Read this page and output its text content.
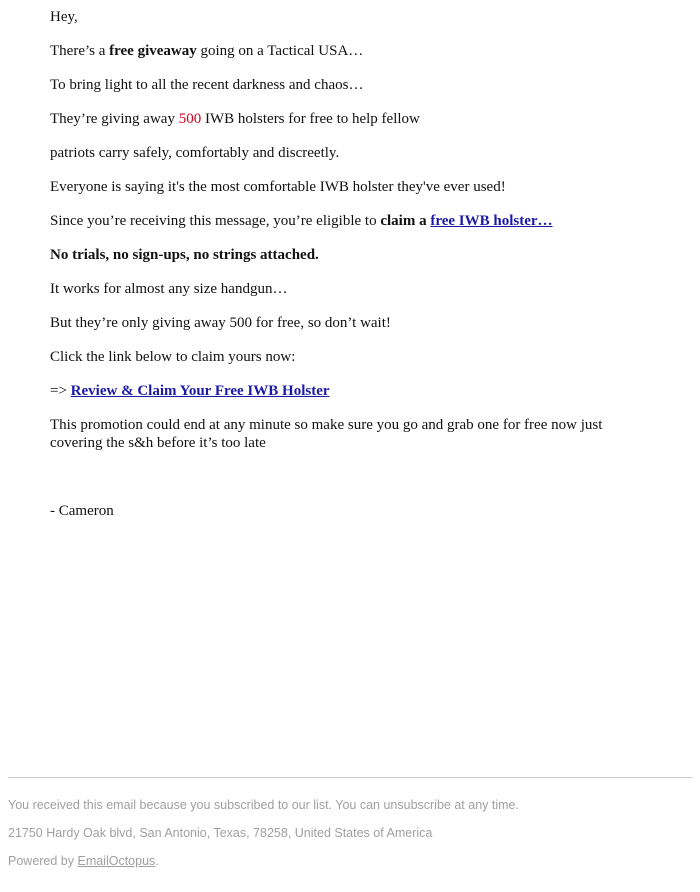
Hey,

There’s a free giveaway going on a Tactical USA…

To bring light to all the recent darkness and chaos…

They’re giving away 500 IWB holsters for free to help fellow

patriots carry safely, comfortably and discreetly.

Everyone is saying it's the most comfortable IWB holster they've ever used!

Since you’re receiving this message, you’re eligible to claim a free IWB holster…

No trials, no sign-ups, no strings attached.

It works for almost any size handgun…

But they’re only giving away 500 for free, so don’t wait!

Click the link below to claim yours now:

=> Review & Claim Your Free IWB Holster

This promotion could end at any minute so make sure you go and grab one for free now just covering the s&h before it’s too late

- Cameron

You received this email because you subscribed to our list. You can unsubscribe at any time.
21750 Hardy Oak blvd, San Antonio, Texas, 78258, United States of America
Powered by EmailOctopus.
